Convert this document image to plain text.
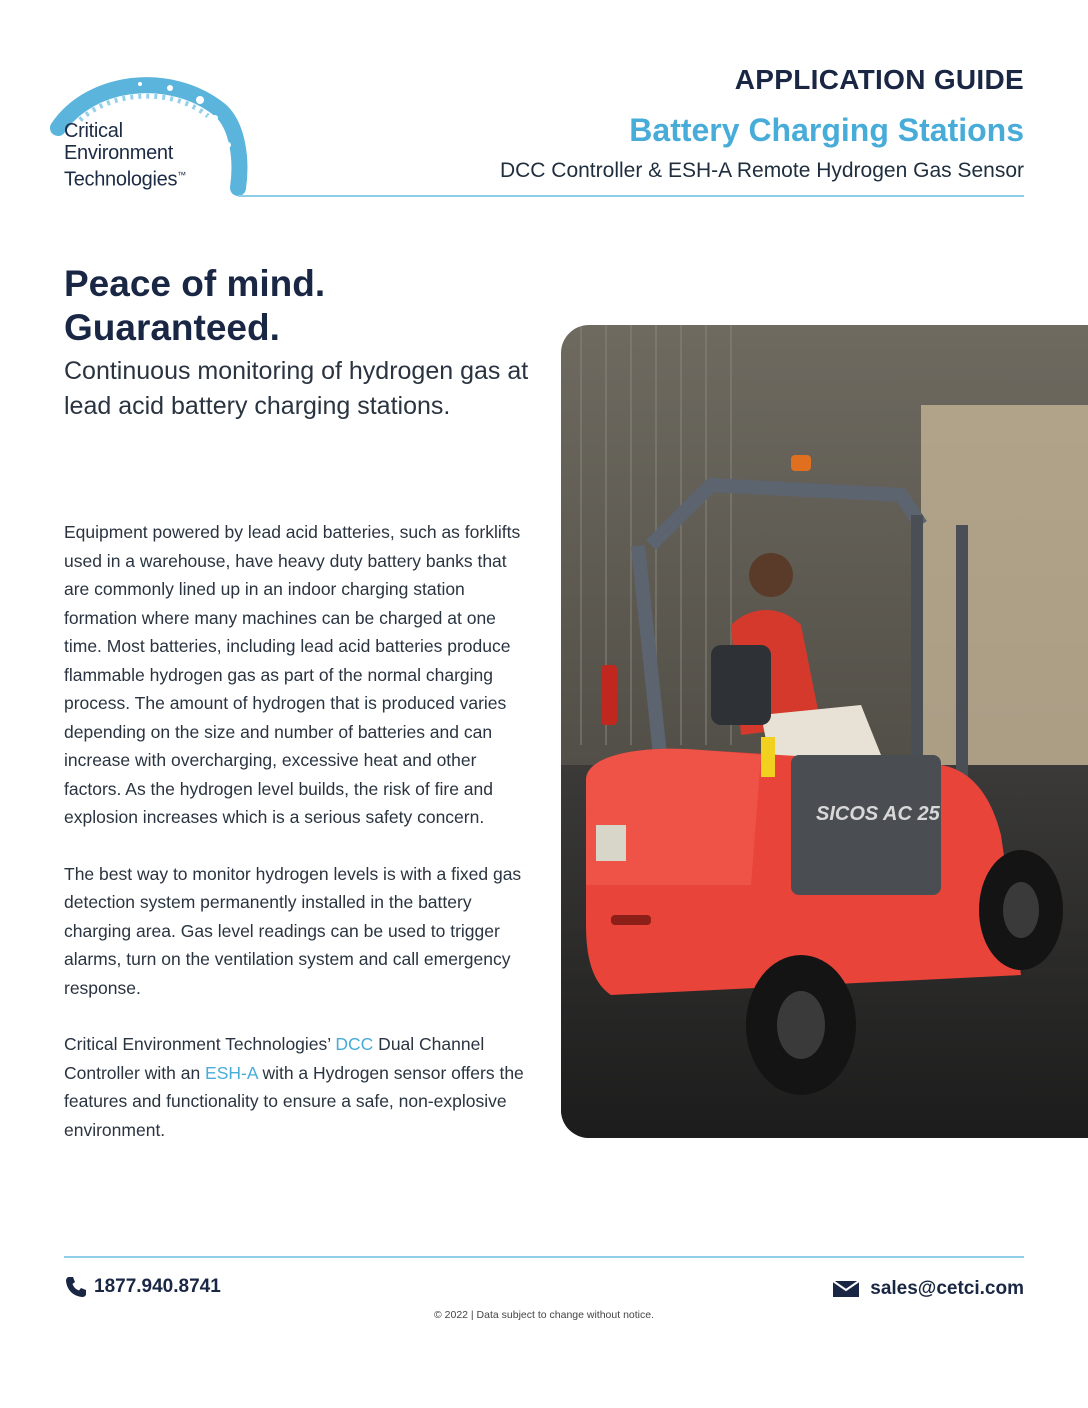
Critical
Environment
Technologies™
APPLICATION GUIDE
Battery Charging Stations
DCC Controller & ESH-A Remote Hydrogen Gas Sensor
Peace of mind.
Guaranteed.
Continuous monitoring of hydrogen gas at lead acid battery charging stations.

Equipment powered by lead acid batteries, such as forklifts used in a warehouse, have heavy duty battery banks that are commonly lined up in an indoor charging station formation where many machines can be charged at one time. Most batteries, including lead acid batteries produce flammable hydrogen gas as part of the normal charging process. The amount of hydrogen that is produced varies depending on the size and number of batteries and can increase with overcharging, excessive heat and other factors. As the hydrogen level builds, the risk of fire and explosion increases which is a serious safety concern.

The best way to monitor hydrogen levels is with a fixed gas detection system permanently installed in the battery charging area. Gas level readings can be used to trigger alarms, turn on the ventilation system and call emergency response.

Critical Environment Technologies’ DCC Dual Channel Controller with an ESH-A with a Hydrogen sensor offers the features and functionality to ensure a safe, non-explosive environment.

SICOS AC 25
1877.940.8741	sales@cetci.com
© 2022 | Data subject to change without notice.
